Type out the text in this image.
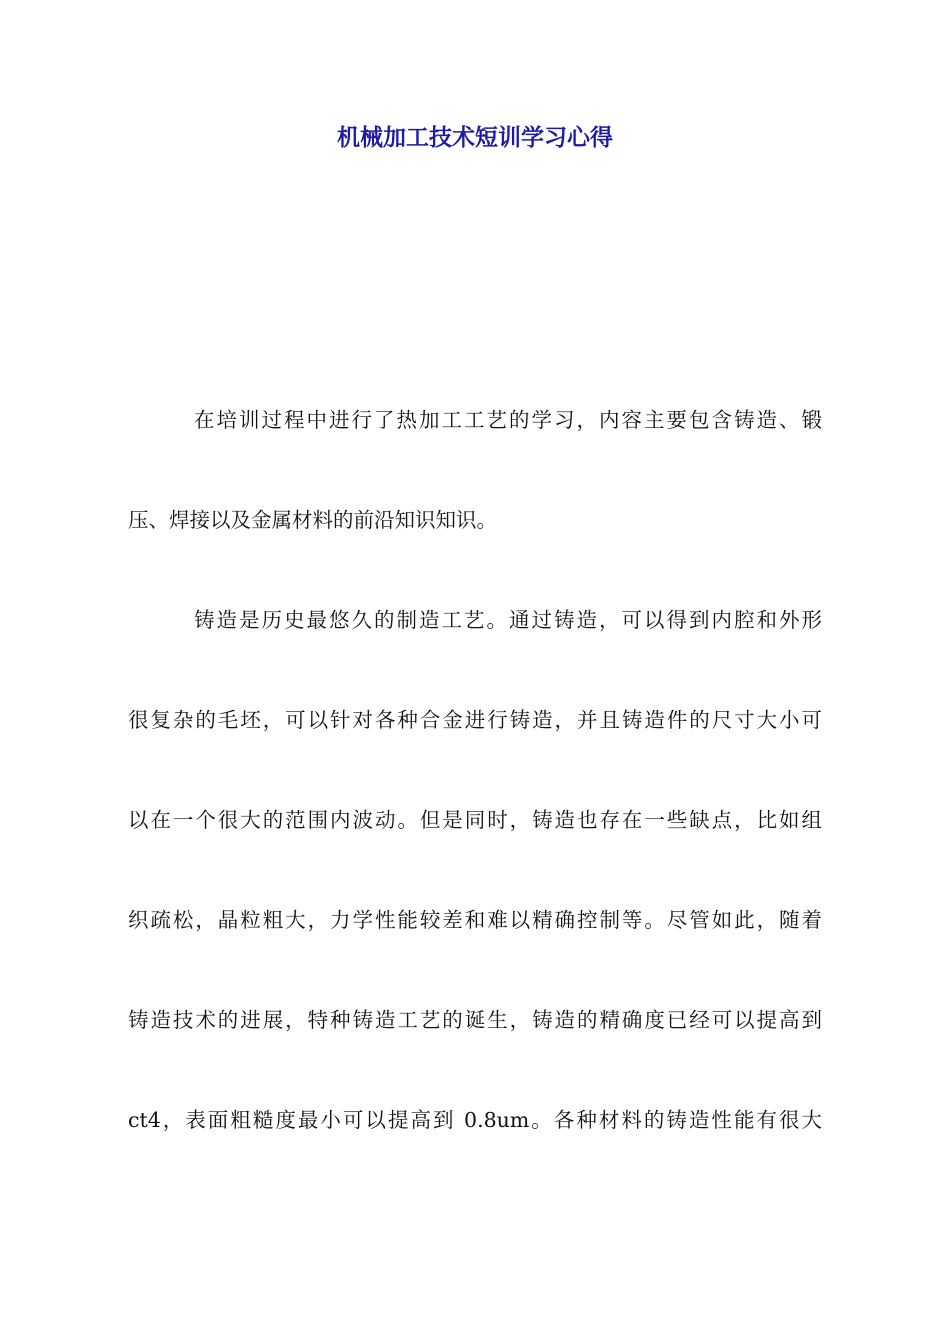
机械加工技术短训学习心得

在培训过程中进行了热加工工艺的学习，内容主要包含铸造、锻
压、焊接以及金属材料的前沿知识知识。

铸造是历史最悠久的制造工艺。通过铸造，可以得到内腔和外形
很复杂的毛坯，可以针对各种合金进行铸造，并且铸造件的尺寸大小可
以在一个很大的范围内波动。但是同时，铸造也存在一些缺点，比如组
织疏松，晶粒粗大，力学性能较差和难以精确控制等。尽管如此，随着
铸造技术的进展，特种铸造工艺的诞生，铸造的精确度已经可以提高到
ct4，表面粗糙度最小可以提高到 0.8um。各种材料的铸造性能有很大
